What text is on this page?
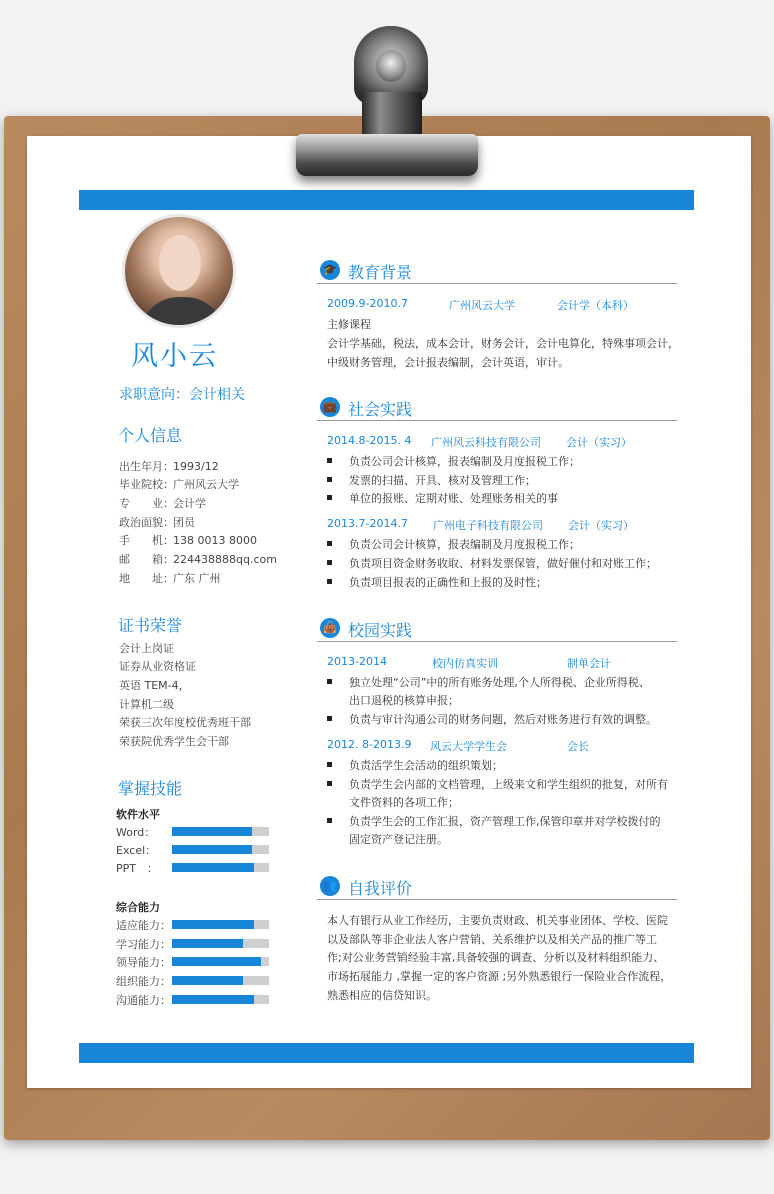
风小云
求职意向：会计相关
个人信息
出生年月：1993/12
毕业院校：广州风云大学
专　　业：会计学
政治面貌：团员
手　　机：138 0013 8000
邮　　箱：224438888qq.com
地　　址：广东 广州
证书荣誉
会计上岗证
证券从业资格证
英语 TEM-4，
计算机二级
荣获三次年度校优秀班干部
荣获院优秀学生会干部
掌握技能
软件水平
Word：
Excel：
PPT　：
综合能力
适应能力：
学习能力：
领导能力：
组织能力：
沟通能力：
🎓 教育背景
2009.9-2010.7	广州风云大学	会计学（本科）
主修课程
会计学基础，税法，成本会计，财务会计，会计电算化，特殊事项会计，
中级财务管理，会计报表编制，会计英语，审计。
💼 社会实践
2014.8-2015. 4 广州风云科技有限公司 会计（实习）
负责公司会计核算，报表编制及月度报税工作；
发票的扫描、开具、核对及管理工作；
单位的报账、定期对账、处理账务相关的事
2013.7-2014.7 广州电子科技有限公司 会计（实习）
负责公司会计核算，报表编制及月度报税工作；
负责项目资金财务收取、材料发票保管，做好催付和对账工作；
负责项目报表的正确性和上报的及时性；
👜 校园实践
2013-2014	校内仿真实训	制单会计
独立处理“公司”中的所有账务处理,个人所得税、企业所得税、
出口退税的核算申报；
负责与审计沟通公司的财务问题，然后对账务进行有效的调整。
2012. 8-2013.9 风云大学学生会	会长
负责活学生会活动的组织策划；
负责学生会内部的文档管理，上级来文和学生组织的批复，对所有
文件资料的各项工作；
负责学生会的工作汇报，资产管理工作,保管印章并对学校拨付的
固定资产登记注册。
👥 自我评价
本人有银行从业工作经历，主要负责财政、机关事业团体、学校、医院
以及部队等非企业法人客户营销、关系维护以及相关产品的推广等工
作;对公业务营销经验丰富,具备较强的调查、分析以及材料组织能力、
市场拓展能力 ,掌握一定的客户资源 ;另外熟悉银行一保险业合作流程，
熟悉相应的信贷知识。
